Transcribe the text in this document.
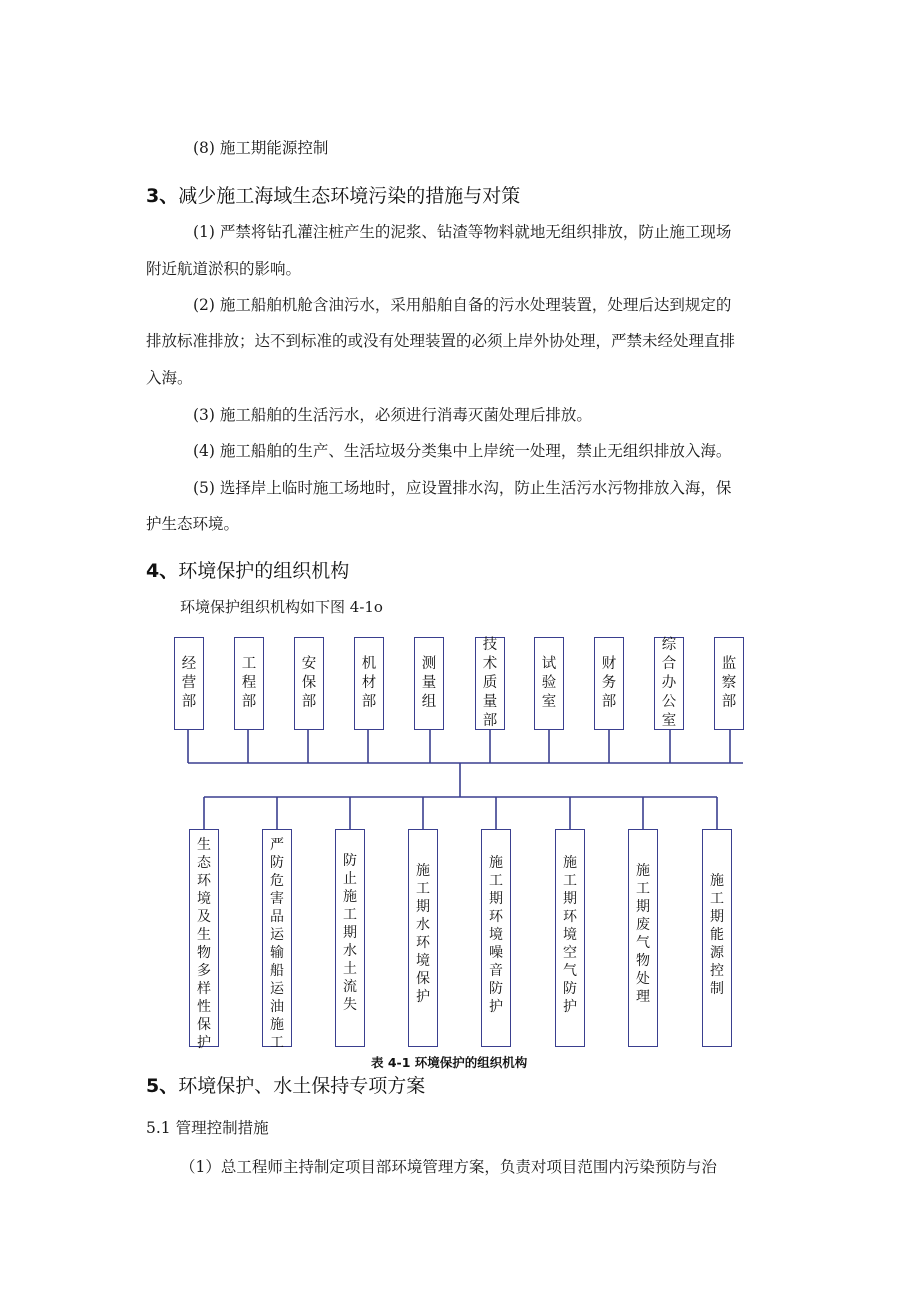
(8) 施工期能源控制
3、减少施工海域生态环境污染的措施与对策
(1) 严禁将钻孔灌注桩产生的泥浆、钻渣等物料就地无组织排放，防止施工现场
附近航道淤积的影响。
(2) 施工船舶机舱含油污水，采用船舶自备的污水处理装置，处理后达到规定的
排放标准排放；达不到标准的或没有处理装置的必须上岸外协处理，严禁未经处理直排
入海。
(3) 施工船舶的生活污水，必须进行消毒灭菌处理后排放。
(4) 施工船舶的生产、生活垃圾分类集中上岸统一处理，禁止无组织排放入海。
(5) 选择岸上临时施工场地时，应设置排水沟，防止生活污水污物排放入海，保
护生态环境。
4、环境保护的组织机构
环境保护组织机构如下图 4-1o
经
营
部
工
程
部
安
保
部
机
材
部
测
量
组
技
术
质
量
部
试
验
室
财
务
部
综
合
办
公
室
监
察
部
生
态
环
境
及
生
物
多
样
性
保
护
严
防
危
害
品
运
输
船
运
油
施
工
防
止
施
工
期
水
土
流
失
施
工
期
水
环
境
保
护
施
工
期
环
境
噪
音
防
护
施
工
期
环
境
空
气
防
护
施
工
期
废
气
物
处
理
施
工
期
能
源
控
制
表 4-1 环境保护的组织机构
5、环境保护、水土保持专项方案
5.1 管理控制措施
（1）总工程师主持制定项目部环境管理方案，负责对项目范围内污染预防与治
